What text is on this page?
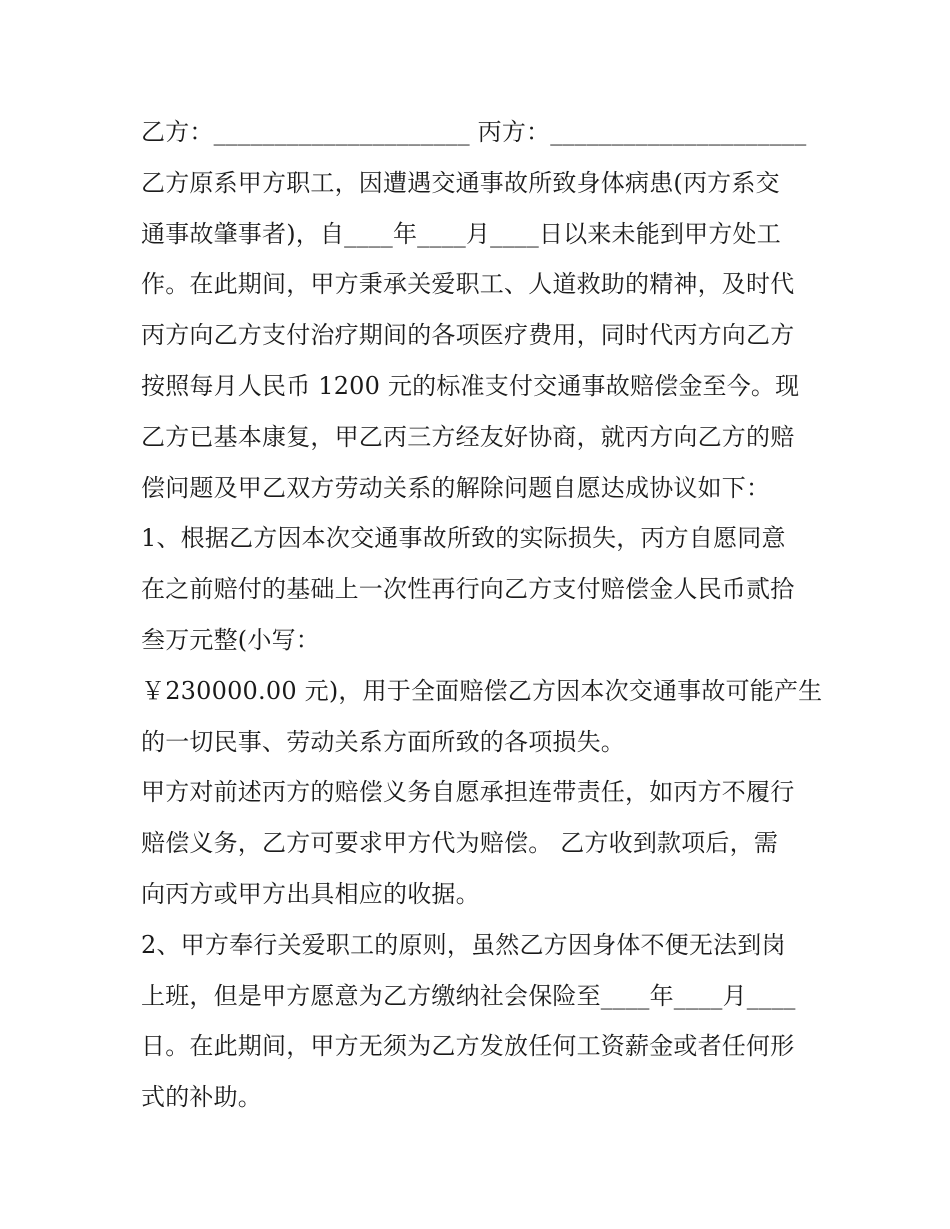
乙方：_____________________ 丙方：_____________________
乙方原系甲方职工，因遭遇交通事故所致身体病患(丙方系交
通事故肇事者)，自____年____月____日以来未能到甲方处工
作。在此期间，甲方秉承关爱职工、人道救助的精神，及时代
丙方向乙方支付治疗期间的各项医疗费用，同时代丙方向乙方
按照每月人民币 1200 元的标准支付交通事故赔偿金至今。现
乙方已基本康复，甲乙丙三方经友好协商，就丙方向乙方的赔
偿问题及甲乙双方劳动关系的解除问题自愿达成协议如下：
1、根据乙方因本次交通事故所致的实际损失，丙方自愿同意
在之前赔付的基础上一次性再行向乙方支付赔偿金人民币贰拾
叁万元整(小写：
￥230000.00 元)，用于全面赔偿乙方因本次交通事故可能产生
的一切民事、劳动关系方面所致的各项损失。
甲方对前述丙方的赔偿义务自愿承担连带责任，如丙方不履行
赔偿义务，乙方可要求甲方代为赔偿。 乙方收到款项后，需
向丙方或甲方出具相应的收据。
2、甲方奉行关爱职工的原则，虽然乙方因身体不便无法到岗
上班，但是甲方愿意为乙方缴纳社会保险至____年____月____
日。在此期间，甲方无须为乙方发放任何工资薪金或者任何形
式的补助。
